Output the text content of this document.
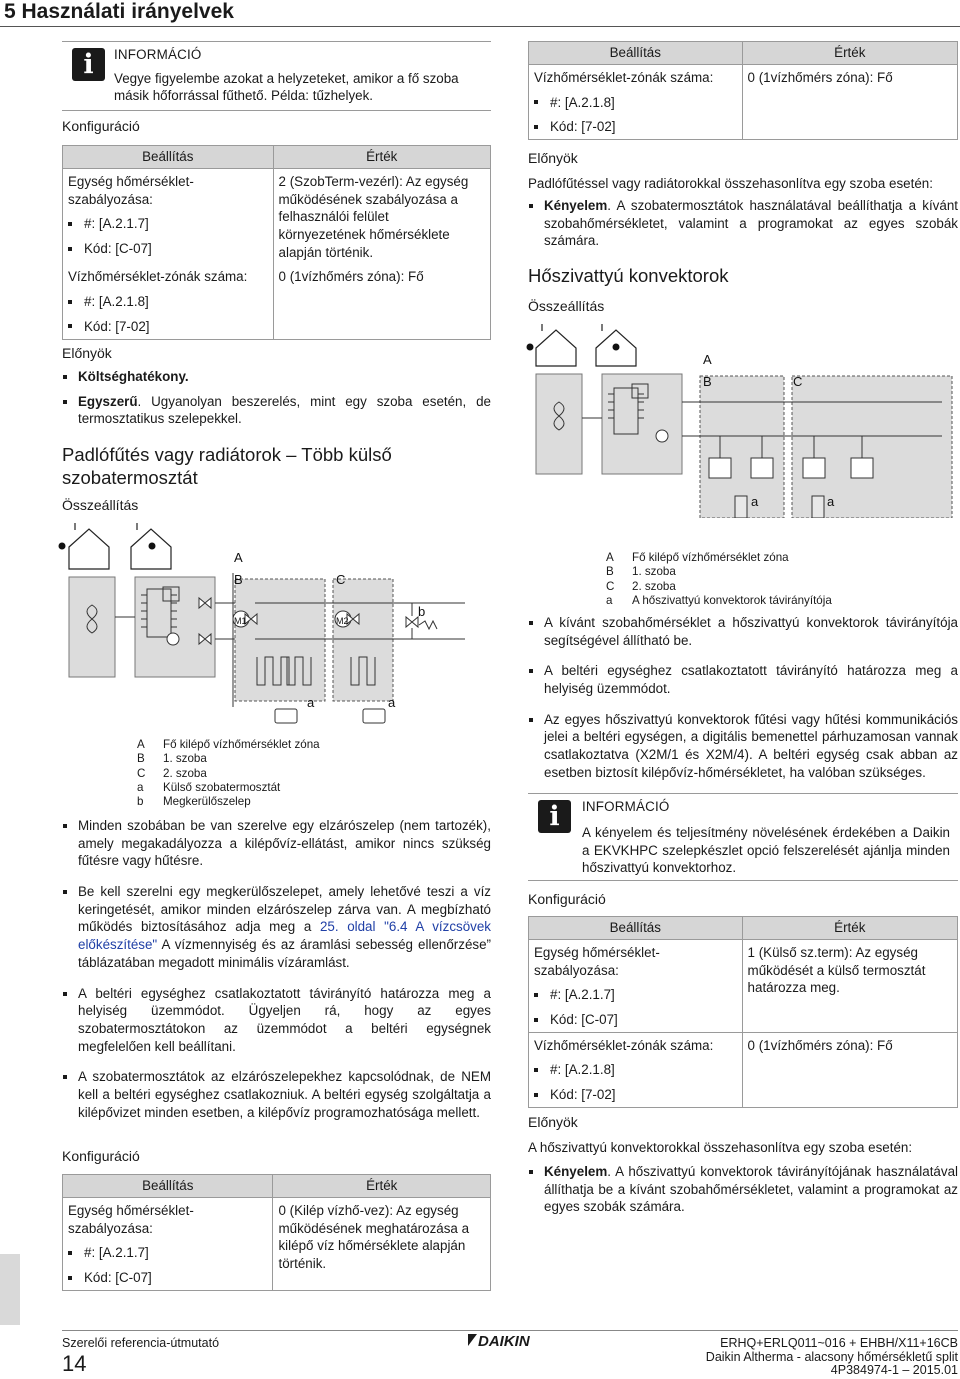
5 Használati irányelvek
i	INFORMÁCIÓ
Vegye figyelembe azokat a helyzeteket, amikor a fő szoba
másik hőforrással fűthető. Példa: tűzhelyek.
Konfiguráció
Beállítás	Érték

Egység hőmérséklet-
szabályozása:
#: [A.2.1.7]
Kód: [C-07]	2 (SzobTerm-vezérl): Az egység
működésének szabályozása a
felhasználói felület
környezetének hőmérséklete
alapján történik.

Vízhőmérséklet-zónák száma:
#: [A.2.1.8]
Kód: [7-02]	0 (1vízhőmérs zóna): Fő
Előnyök
Költséghatékony.
Egyszerű. Ugyanolyan beszerelés, mint egy szoba esetén, de termosztatikus szelepekkel.
Padlófűtés vagy radiátorok – Több külső
szobatermosztát
Összeállítás
A
B	C
b
a	a
M1	M2
A Fő kilépő vízhőmérséklet zóna
B 1. szoba
C 2. szoba
a Külső szobatermosztát
b Megkerülőszelep
Minden szobában be van szerelve egy elzárószelep (nem tartozék), amely megakadályozza a kilépővíz-ellátást, amikor nincs szükség fűtésre vagy hűtésre.
Be kell szerelni egy megkerülőszelepet, amely lehetővé teszi a víz keringetését, amikor minden elzárószelep zárva van. A megbízható működés biztosításához adja meg a 25. oldal "6.4 A vízcsövek előkészítése" A vízmennyiség és az áramlási sebesség ellenőrzése” táblázatában megadott minimális vízáramlást.
A beltéri egységhez csatlakoztatott távirányító határozza meg a helyiség üzemmódot. Ügyeljen rá, hogy az egyes szobatermosztátokon az üzemmódot a beltéri egységnek megfelelően kell beállítani.
A szobatermosztátok az elzárószelepekhez kapcsolódnak, de NEM kell a beltéri egységhez csatlakozniuk. A beltéri egység szolgáltatja a kilépővizet minden esetben, a kilépővíz programozhatósága mellett.
Konfiguráció
Beállítás	Érték

Egység hőmérséklet-
szabályozása:
#: [A.2.1.7]
Kód: [C-07]	0 (Kilép vízhő-vez): Az egység
működésének meghatározása a
kilépő víz hőmérséklete alapján
történik.
Beállítás	Érték

Vízhőmérséklet-zónák száma:
#: [A.2.1.8]
Kód: [7-02]	0 (1vízhőmérs zóna): Fő
Előnyök
Padlófűtéssel vagy radiátorokkal összehasonlítva egy szoba esetén:
Kényelem. A szobatermosztátok használatával beállíthatja a kívánt szobahőmérsékletet, valamint a programokat az egyes szobák számára.
Hőszivattyú konvektorok
Összeállítás
A
B	C
a	a
A Fő kilépő vízhőmérséklet zóna
B 1. szoba
C 2. szoba
a A hőszivattyú konvektorok távirányítója
A kívánt szobahőmérséklet a hőszivattyú konvektorok távirányítója segítségével állítható be.
A beltéri egységhez csatlakoztatott távirányító határozza meg a helyiség üzemmódot.
Az egyes hőszivattyú konvektorok fűtési vagy hűtési kommunikációs jelei a beltéri egységen, a digitális bemenettel párhuzamosan vannak csatlakoztatva (X2M/1 és X2M/4). A beltéri egység csak abban az esetben biztosít kilépővíz-hőmérsékletet, ha valóban szükséges.
i	INFORMÁCIÓ
A kényelem és teljesítmény növelésének érdekében a Daikin a EKVKHPC szelepkészlet opció felszerelését ajánlja minden hőszivattyú konvektorhoz.
Konfiguráció
Beállítás	Érték

Egység hőmérséklet-
szabályozása:
#: [A.2.1.7]
Kód: [C-07]	1 (Külső sz.term): Az egység
működését a külső termosztát
határozza meg.

Vízhőmérséklet-zónák száma:
#: [A.2.1.8]
Kód: [7-02]	0 (1vízhőmérs zóna): Fő
Előnyök
A hőszivattyú konvektorokkal összehasonlítva egy szoba esetén:
Kényelem. A hőszivattyú konvektorok távirányítójának használatával állíthatja be a kívánt szobahőmérsékletet, valamint a programokat az egyes szobák számára.
Szerelői referencia-útmutató
14
DAIKIN	ERHQ+ERLQ011~016 + EHBH/X11+16CB
Daikin Altherma - alacsony hőmérsékletű split
4P384974-1 – 2015.01
